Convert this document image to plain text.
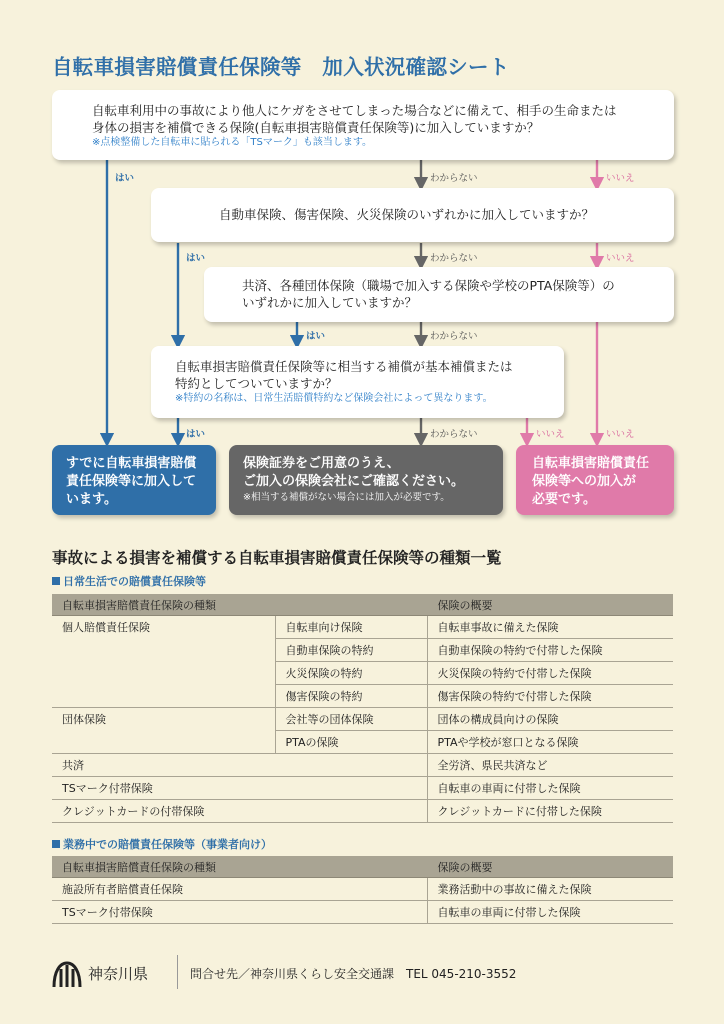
自転車損害賠償責任保険等　加入状況確認シート
自転車利用中の事故により他人にケガをさせてしまった場合などに備えて、相手の生命または
身体の損害を補償できる保険(自転車損害賠償責任保険等)に加入していますか？
※点検整備した自転車に貼られる「TSマーク」も該当します。
自動車保険、傷害保険、火災保険のいずれかに加入していますか？
共済、各種団体保険（職場で加入する保険や学校のPTA保険等）の
いずれかに加入していますか？
自転車損害賠償責任保険等に相当する補償が基本補償または
特約としてついていますか？
※特約の名称は、日常生活賠償特約など保険会社によって異なります。
はい	わからない	いいえ
はい	わからない	いいえ
はい	わからない
はい	わからない	いいえ	いいえ
すでに自転車損害賠償
責任保険等に加入して
います。
保険証券をご用意のうえ、
ご加入の保険会社にご確認ください。
※相当する補償がない場合には加入が必要です。
自転車損害賠償責任
保険等への加入が
必要です。
事故による損害を補償する自転車損害賠償責任保険等の種類一覧
日常生活での賠償責任保険等
自転車損害賠償責任保険の種類		保険の概要
個人賠償責任保険	自転車向け保険	自転車事故に備えた保険
	自動車保険の特約	自動車保険の特約で付帯した保険
	火災保険の特約	火災保険の特約で付帯した保険
	傷害保険の特約	傷害保険の特約で付帯した保険
団体保険	会社等の団体保険	団体の構成員向けの保険
	PTAの保険	PTAや学校が窓口となる保険
共済		全労済、県民共済など
TSマーク付帯保険		自転車の車両に付帯した保険
クレジットカードの付帯保険		クレジットカードに付帯した保険
業務中での賠償責任保険等（事業者向け）
自転車損害賠償責任保険の種類	保険の概要
施設所有者賠償責任保険	業務活動中の事故に備えた保険
TSマーク付帯保険	自転車の車両に付帯した保険
神奈川県	問合せ先／神奈川県くらし安全交通課　TEL 045-210-3552
